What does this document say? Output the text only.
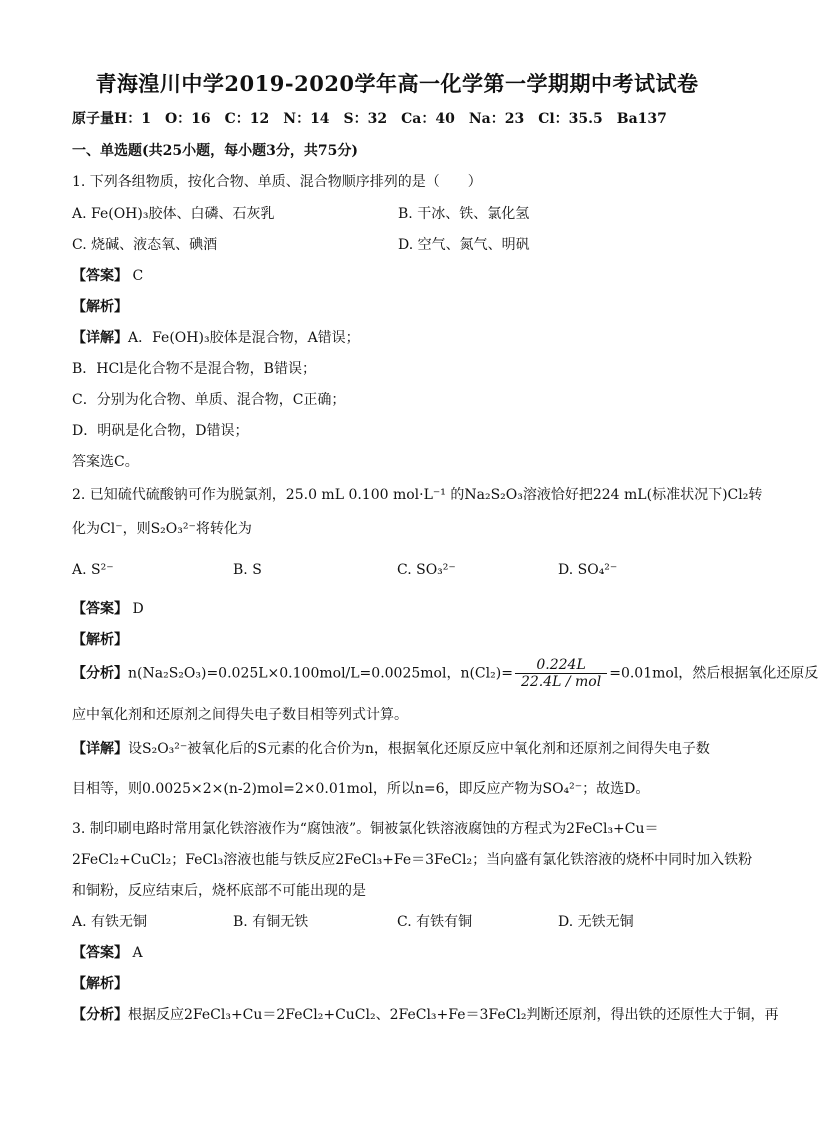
青海湟川中学2019-2020学年高一化学第一学期期中考试试卷
原子量H：1　O：16　C：12　N：14　S：32　Ca：40　Na：23　Cl：35.5　Ba137
一、单选题(共25小题，每小题3分，共75分)
1. 下列各组物质，按化合物、单质、混合物顺序排列的是（　　）
A. Fe(OH)₃胶体、白磷、石灰乳	B. 干冰、铁、氯化氢
C. 烧碱、液态氧、碘酒	D. 空气、氮气、明矾
【答案】 C
【解析】
【详解】A．Fe(OH)₃胶体是混合物，A错误；
B．HCl是化合物不是混合物，B错误；
C．分别为化合物、单质、混合物，C正确；
D．明矾是化合物，D错误；
答案选C。
2. 已知硫代硫酸钠可作为脱氯剂，25.0 mL 0.100 mol·L⁻¹ 的Na₂S₂O₃溶液恰好把224 mL(标准状况下)Cl₂转
化为Cl⁻，则S₂O₃²⁻将转化为
A. S²⁻	B. S	C. SO₃²⁻	D. SO₄²⁻
【答案】 D
【解析】
【分析】n(Na₂S₂O₃)=0.025L×0.100mol/L=0.0025mol，$n(Cl_2)= \frac{0.224L}{\text{22.4L / mol}} =0.01mol$，然后根据氧化还原反
应中氧化剂和还原剂之间得失电子数目相等列式计算。
【详解】设S₂O₃²⁻被氧化后的S元素的化合价为n，根据氧化还原反应中氧化剂和还原剂之间得失电子数
目相等，则0.0025×2×(n-2)mol=2×0.01mol，所以n=6，即反应产物为SO₄²⁻；故选D。
3. 制印刷电路时常用氯化铁溶液作为“腐蚀液”。铜被氯化铁溶液腐蚀的方程式为2FeCl₃+Cu＝
2FeCl₂+CuCl₂；FeCl₃溶液也能与铁反应2FeCl₃+Fe＝3FeCl₂；当向盛有氯化铁溶液的烧杯中同时加入铁粉
和铜粉，反应结束后，烧杯底部不可能出现的是
A. 有铁无铜	B. 有铜无铁	C. 有铁有铜	D. 无铁无铜
【答案】 A
【解析】
【分析】根据反应2FeCl₃+Cu＝2FeCl₂+CuCl₂、2FeCl₃+Fe＝3FeCl₂判断还原剂，得出铁的还原性大于铜，再
